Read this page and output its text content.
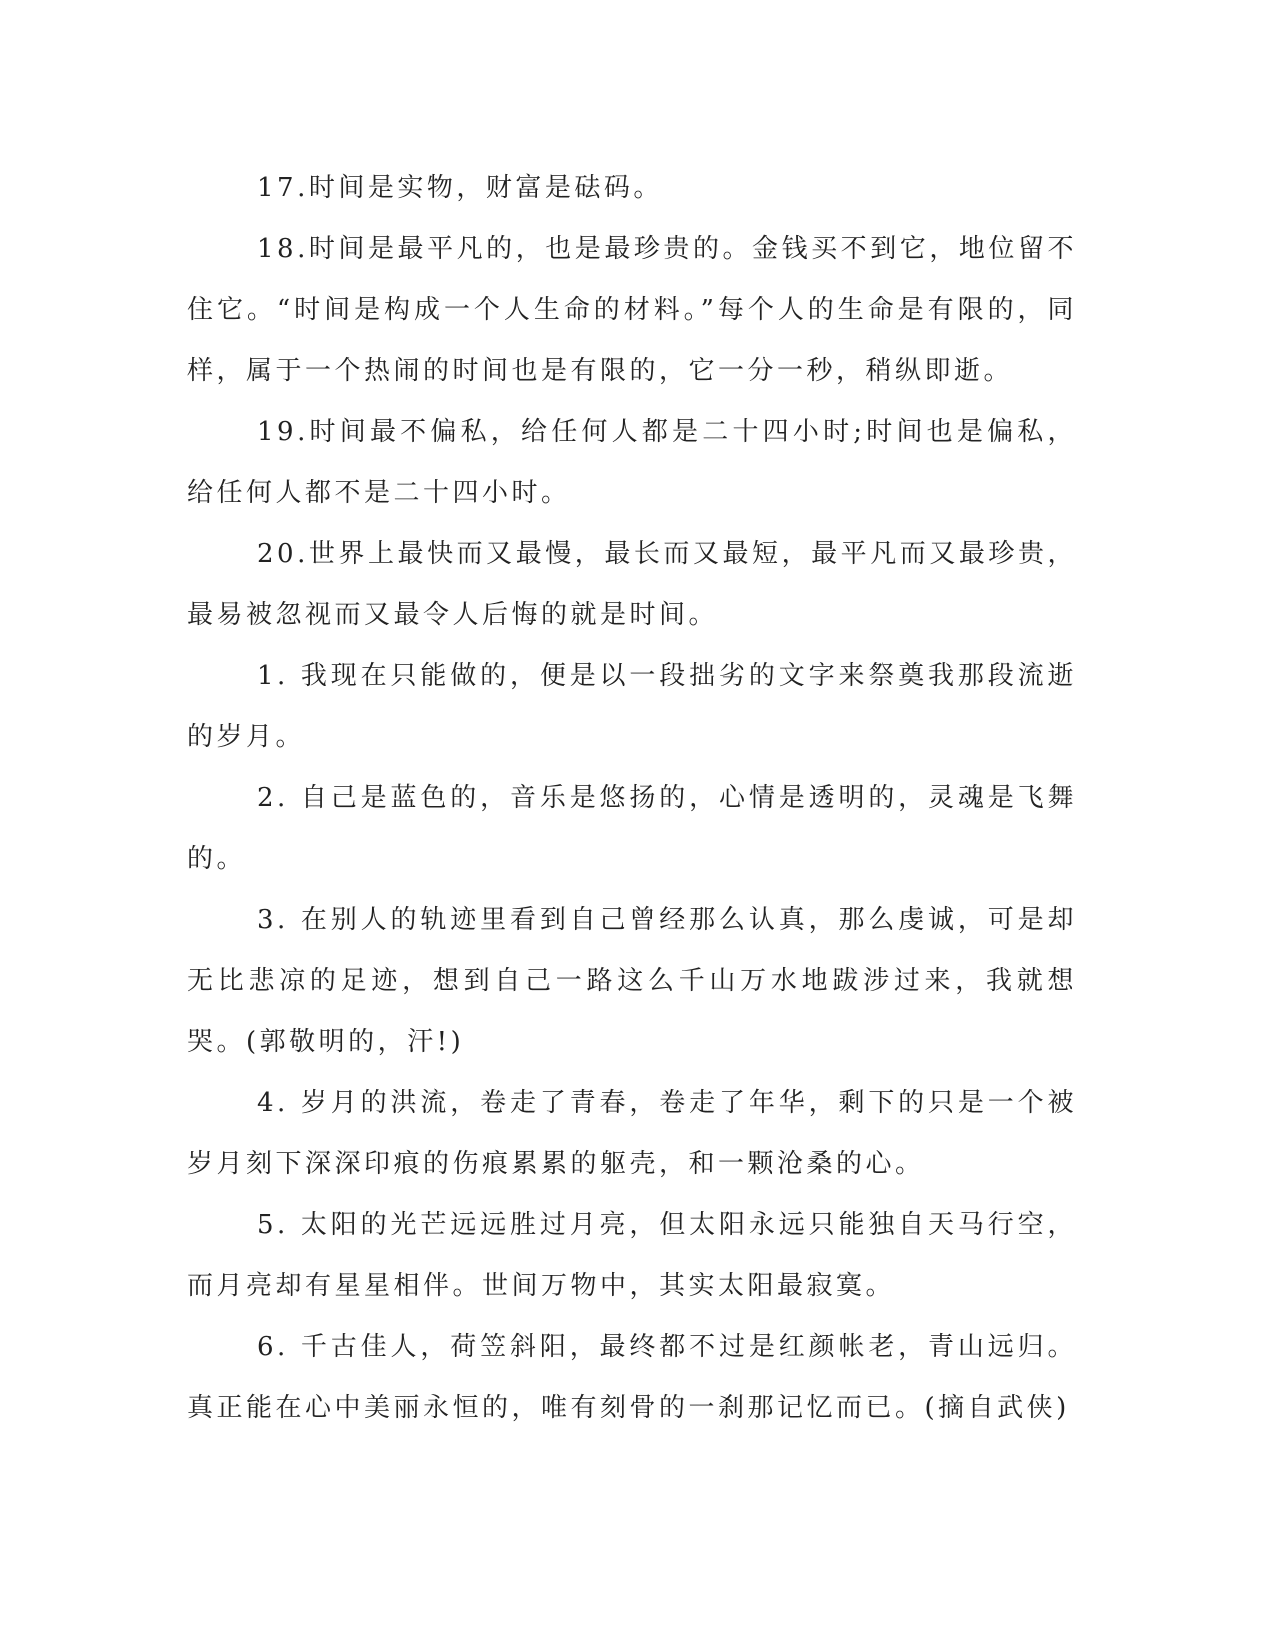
17.时间是实物，财富是砝码。

18.时间是最平凡的，也是最珍贵的。金钱买不到它，地位留不住它。“时间是构成一个人生命的材料。”每个人的生命是有限的，同样，属于一个热闹的时间也是有限的，它一分一秒，稍纵即逝。

19.时间最不偏私，给任何人都是二十四小时;时间也是偏私，给任何人都不是二十四小时。

20.世界上最快而又最慢，最长而又最短，最平凡而又最珍贵，最易被忽视而又最令人后悔的就是时间。

1. 我现在只能做的，便是以一段拙劣的文字来祭奠我那段流逝的岁月。

2. 自己是蓝色的，音乐是悠扬的，心情是透明的，灵魂是飞舞的。

3. 在别人的轨迹里看到自己曾经那么认真，那么虔诚，可是却无比悲凉的足迹，想到自己一路这么千山万水地跋涉过来，我就想哭。(郭敬明的，汗!)

4. 岁月的洪流，卷走了青春，卷走了年华，剩下的只是一个被岁月刻下深深印痕的伤痕累累的躯壳，和一颗沧桑的心。

5. 太阳的光芒远远胜过月亮，但太阳永远只能独自天马行空，而月亮却有星星相伴。世间万物中，其实太阳最寂寞。

6. 千古佳人，荷笠斜阳，最终都不过是红颜帐老，青山远归。真正能在心中美丽永恒的，唯有刻骨的一刹那记忆而已。(摘自武侠)
